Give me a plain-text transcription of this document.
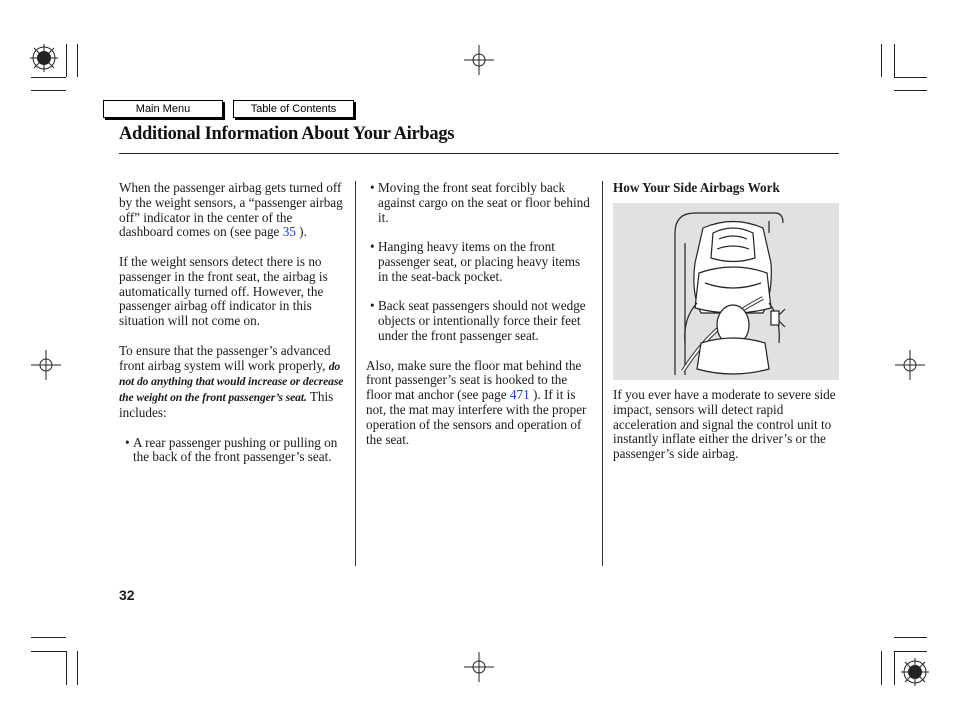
Main Menu	Table of Contents
Additional Information About Your Airbags

When the passenger airbag gets turned off by the weight sensors, a “passenger airbag off” indicator in the center of the dashboard comes on (see page 35 ).

If the weight sensors detect there is no passenger in the front seat, the airbag is automatically turned off. However, the passenger airbag off indicator in this situation will not come on.

To ensure that the passenger’s advanced front airbag system will work properly, do not do anything that would increase or decrease the weight on the front passenger’s seat. This includes:

• A rear passenger pushing or pulling on the back of the front passenger’s seat.
• Moving the front seat forcibly back against cargo on the seat or floor behind it.
• Hanging heavy items on the front passenger seat, or placing heavy items in the seat-back pocket.
• Back seat passengers should not wedge objects or intentionally force their feet under the front passenger seat.

Also, make sure the floor mat behind the front passenger’s seat is hooked to the floor mat anchor (see page 471 ). If it is not, the mat may interfere with the proper operation of the sensors and operation of the seat.

How Your Side Airbags Work

If you ever have a moderate to severe side impact, sensors will detect rapid acceleration and signal the control unit to instantly inflate either the driver’s or the passenger’s side airbag.

32
